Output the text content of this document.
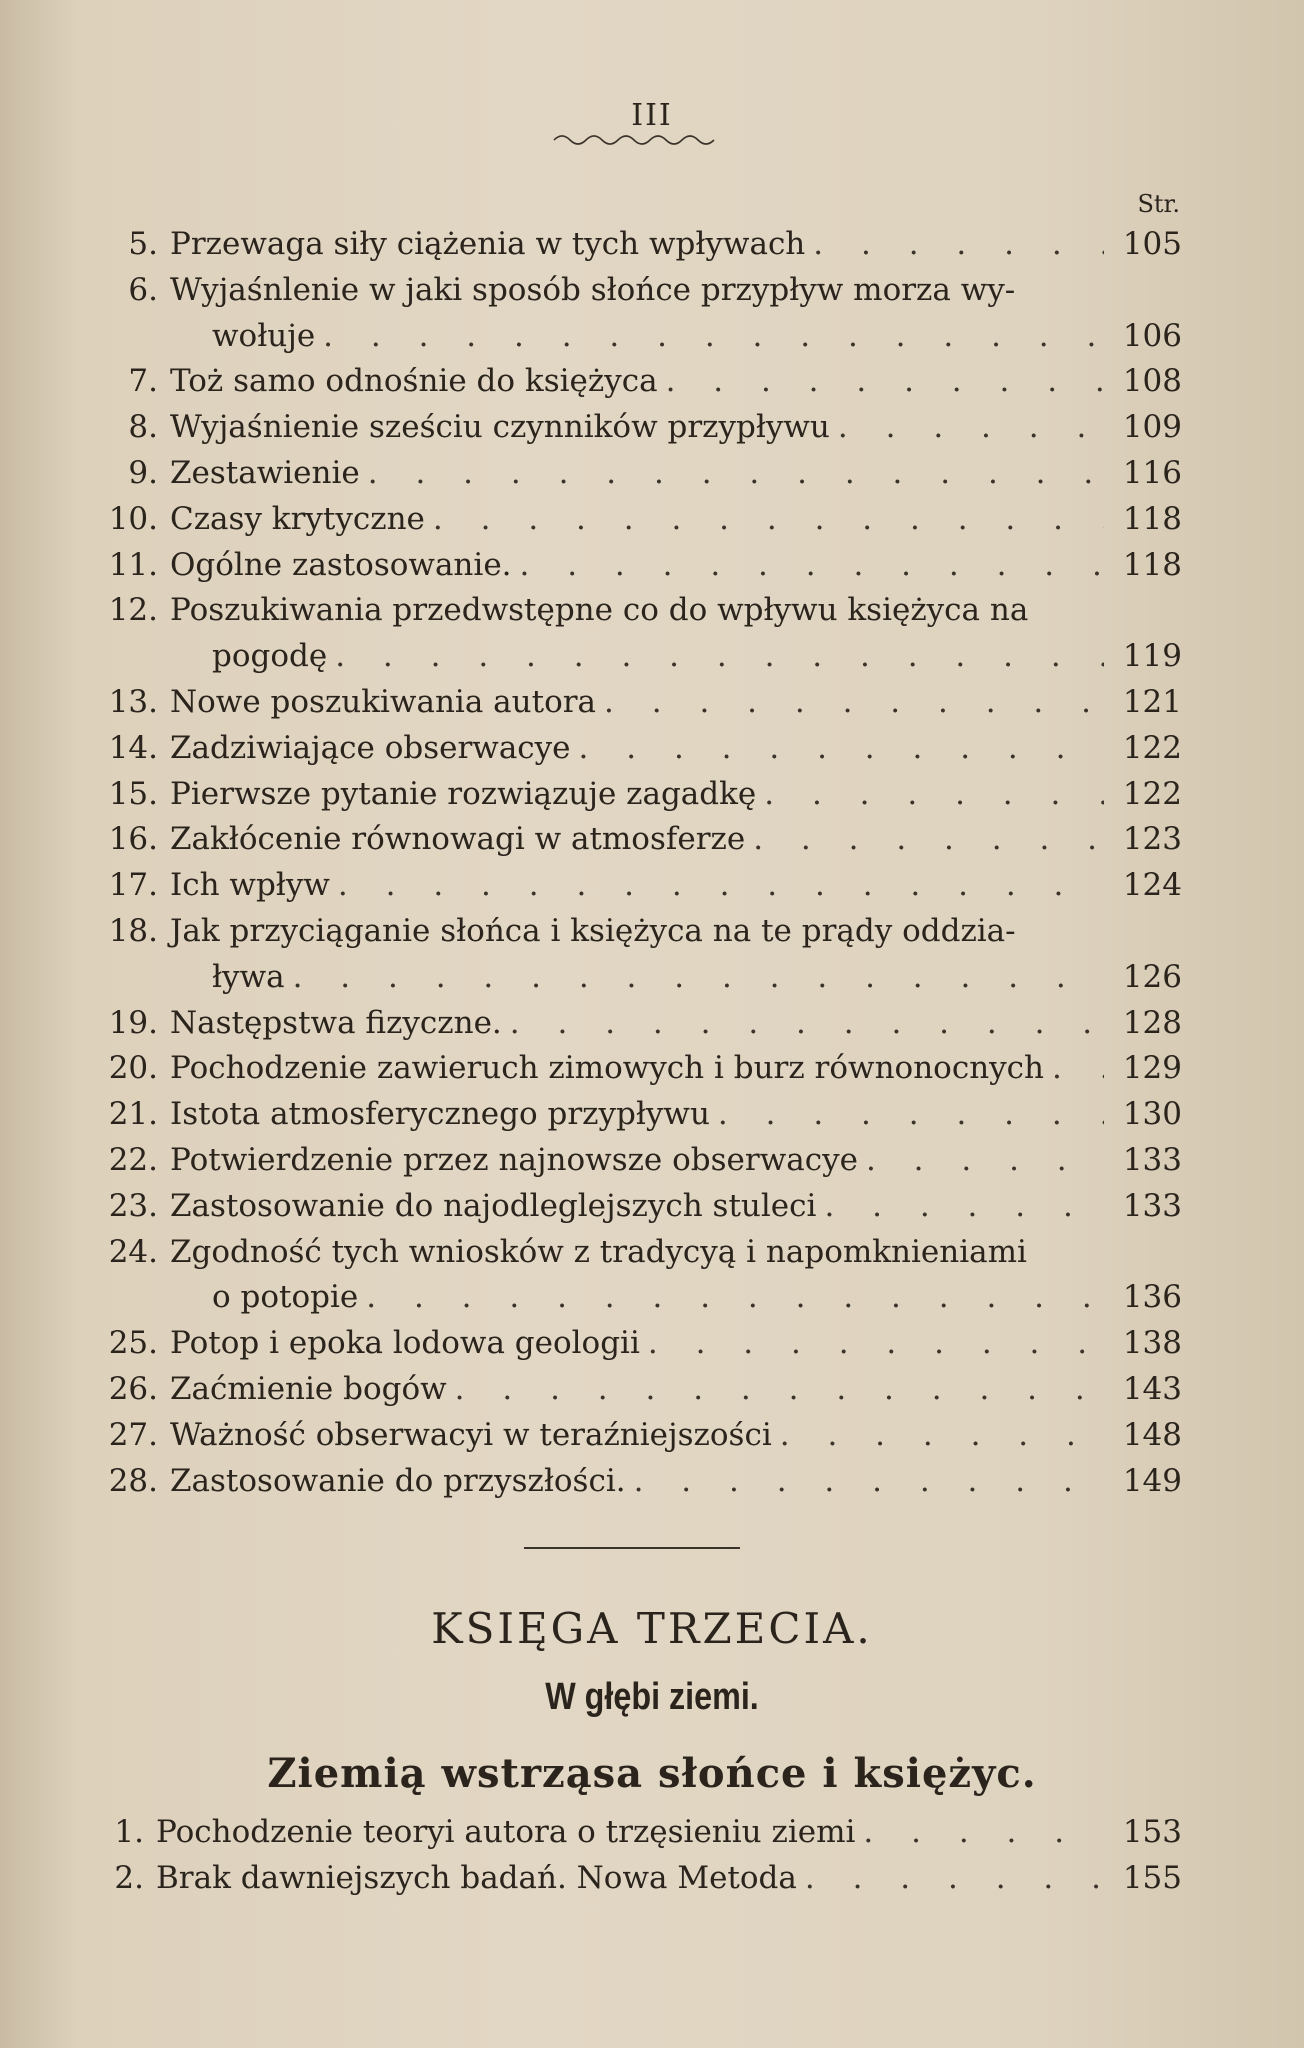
III
Str.
5. Przewaga siły ciążenia w tych wpływach . . .	105
6. Wyjaśnlenie w jaki sposób słońce przypływ morza wy-
wołuje . . .	106
7. Toż samo odnośnie do księżyca . . .	108
8. Wyjaśnienie sześciu czynników przypływu . . .	109
9. Zestawienie . . .	116
10. Czasy krytyczne . . .	118
11. Ogólne zastosowanie. . . .	118
12. Poszukiwania przedwstępne co do wpływu księżyca na
pogodę . . .	119
13. Nowe poszukiwania autora . . .	121
14. Zadziwiające obserwacye . . .	122
15. Pierwsze pytanie rozwiązuje zagadkę . . .	122
16. Zakłócenie równowagi w atmosferze . . .	123
17. Ich wpływ . . .	124
18. Jak przyciąganie słońca i księżyca na te prądy oddzia-
ływa . . .	126
19. Następstwa fizyczne. . . .	128
20. Pochodzenie zawieruch zimowych i burz równonocnych . . .	129
21. Istota atmosferycznego przypływu . . .	130
22. Potwierdzenie przez najnowsze obserwacye . . .	133
23. Zastosowanie do najodleglejszych stuleci . . .	133
24. Zgodność tych wniosków z tradycyą i napomknieniami
o potopie . . .	136
25. Potop i epoka lodowa geologii . . .	138
26. Zaćmienie bogów . . .	143
27. Ważność obserwacyi w teraźniejszości . . .	148
28. Zastosowanie do przyszłości. . . .	149
KSIĘGA TRZECIA.
W głębi ziemi.
Ziemią wstrząsa słońce i księżyc.
1. Pochodzenie teoryi autora o trzęsieniu ziemi . . .	153
2. Brak dawniejszych badań. Nowa Metoda . . .	155
